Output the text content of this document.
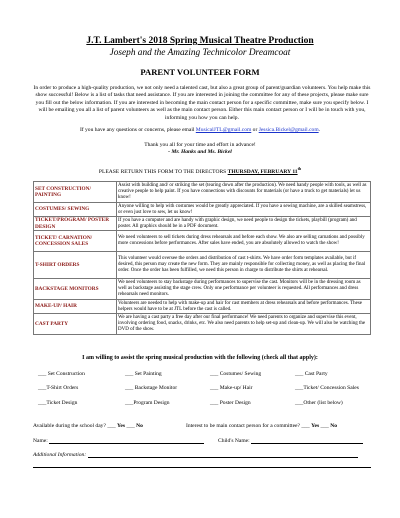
J.T. Lambert's 2018 Spring Musical Theatre Production
Joseph and the Amazing Technicolor Dreamcoat
PARENT VOLUNTEER FORM

In order to produce a high-quality production, we not only need a talented cast, but also a great group of parent/guardian volunteers. You help make this show successful! Below is a list of tasks that need assistance. If you are interested in joining the committee for any of these projects, please make sure you fill out the below information. If you are interested in becoming the main contact person for a specific committee, make sure you specify below. I will be emailing you all a list of parent volunteers as well as the main contact person. Either this main contact person or I will be in touch with you, informing you how you can help.

If you have any questions or concerns, please email MusicalJTL@gmail.com or Jessica.Bickel@gmail.com.

Thank you all for your time and effort in advance!
- Mr. Hanks and Ms. Bickel

PLEASE RETURN THIS FORM TO THE DIRECTORS THURSDAY, FEBRUARY 11th

SET CONSTRUCTION/ PAINTING	Assist with building and/ or striking the set (tearing down after the production). We need handy people with tools, as well as creative people to help paint. If you have connections with discounts for materials (or have a truck to get materials) let us know!
COSTUMES/ SEWING	Anyone willing to help with costumes would be greatly appreciated. If you have a sewing machine, are a skilled seamstress, or even just love to sew, let us know!
TICKET/PROGRAM/ POSTER DESIGN	If you have a computer and are handy with graphic design, we need people to design the tickets, playbill (program) and poster. All graphics should be in a PDF document.
TICKET/ CARNATION/ CONCESSION SALES	We need volunteers to sell tickets during dress rehearsals and before each show. We also are selling carnations and possibly more concessions before performances. After sales have ended, you are absolutely allowed to watch the show!
T-SHIRT ORDERS	This volunteer would oversee the orders and distribution of cast t-shirts. We have order form templates available, but if desired, this person may create the new form. They are mainly responsible for collecting money, as well as placing the final order. Once the order has been fulfilled, we need this person in charge to distribute the shirts at rehearsal.
BACKSTAGE MONITORS	We need volunteers to stay backstage during performances to supervise the cast. Monitors will be in the dressing room as well as backstage assisting the stage crew. Only one performance per volunteer is requested. All performances and dress rehearsals need monitors.
MAKE-UP/ HAIR	Volunteers are needed to help with make-up and hair for cast members at dress rehearsals and before performances. These helpers would have to be at JTL before the cast is called.
CAST PARTY	We are having a cast party a free day after our final performance! We need parents to organize and supervise this event, involving ordering food, snacks, drinks, etc. We also need parents to help set-up and clean-up. We will also be watching the DVD of the show.

I am willing to assist the spring musical production with the following (check all that apply):

___ Set Construction	___ Set Painting	___ Costumes/ Sewing	___ Cast Party
___T-Shirt Orders	___ Backstage Monitor	___ Make-up/ Hair	___Ticket/ Concession Sales
___Ticket Design	___Program Design	___ Poster Design	___Other (list below)
Available during the school day? ___ Yes ___ No	Interest to be main contact person for a committee? ___ Yes ___ No
Name:	Child's Name:
Additional Information:
